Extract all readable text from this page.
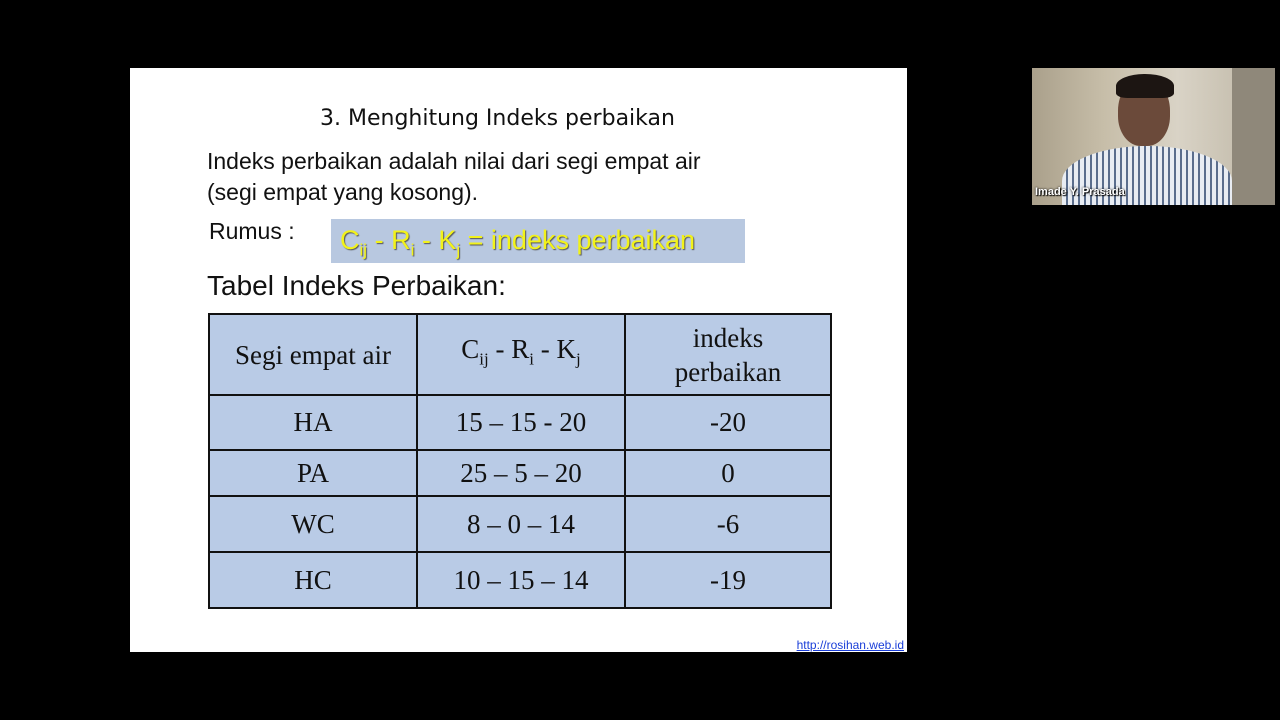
3. Menghitung Indeks perbaikan
Indeks perbaikan adalah nilai dari segi empat air
(segi empat yang kosong).
Rumus : $C_{ij} - R_i - K_j$ = indeks perbaikan
Tabel Indeks Perbaikan:
Segi empat air	$C_{ij} - R_i - K_j$	indeks
perbaikan

HA	15 – 15 - 20	-20
PA	25 – 5 – 20	0
WC	8 – 0 – 14	-6
HC	10 – 15 – 14	-19
http://rosihan.web.id
Imade Y. Prasada
